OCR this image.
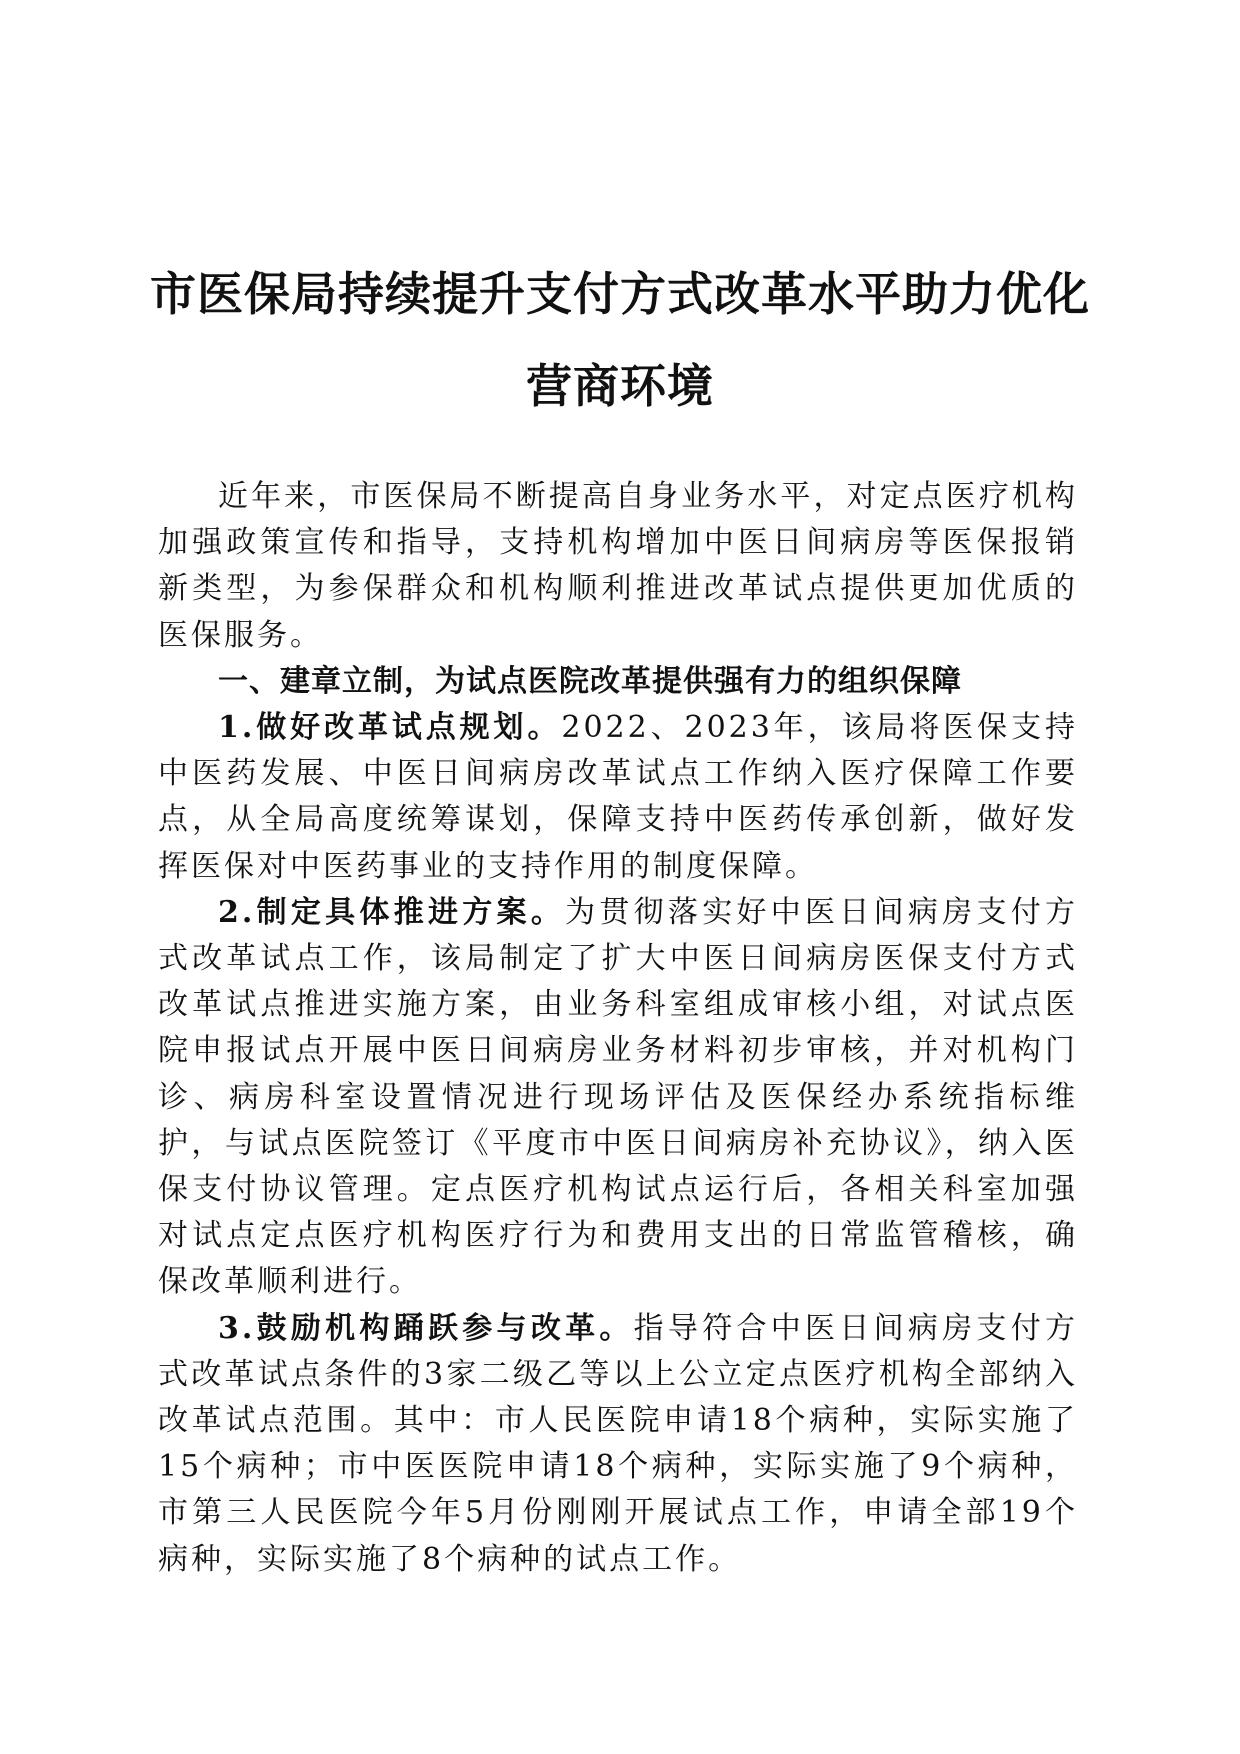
市医保局持续提升支付方式改革水平助力优化
营商环境

近年来，市医保局不断提高自身业务水平，对定点医疗机构加强政策宣传和指导，支持机构增加中医日间病房等医保报销新类型，为参保群众和机构顺利推进改革试点提供更加优质的医保服务。

一、建章立制，为试点医院改革提供强有力的组织保障

1.做好改革试点规划。2022、2023年，该局将医保支持中医药发展、中医日间病房改革试点工作纳入医疗保障工作要点，从全局高度统筹谋划，保障支持中医药传承创新，做好发挥医保对中医药事业的支持作用的制度保障。

2.制定具体推进方案。为贯彻落实好中医日间病房支付方式改革试点工作，该局制定了扩大中医日间病房医保支付方式改革试点推进实施方案，由业务科室组成审核小组，对试点医院申报试点开展中医日间病房业务材料初步审核，并对机构门诊、病房科室设置情况进行现场评估及医保经办系统指标维护，与试点医院签订《平度市中医日间病房补充协议》，纳入医保支付协议管理。定点医疗机构试点运行后，各相关科室加强对试点定点医疗机构医疗行为和费用支出的日常监管稽核，确保改革顺利进行。

3.鼓励机构踊跃参与改革。指导符合中医日间病房支付方式改革试点条件的3家二级乙等以上公立定点医疗机构全部纳入改革试点范围。其中：市人民医院申请18个病种，实际实施了15个病种；市中医医院申请18个病种，实际实施了9个病种，市第三人民医院今年5月份刚刚开展试点工作，申请全部19个病种，实际实施了8个病种的试点工作。
